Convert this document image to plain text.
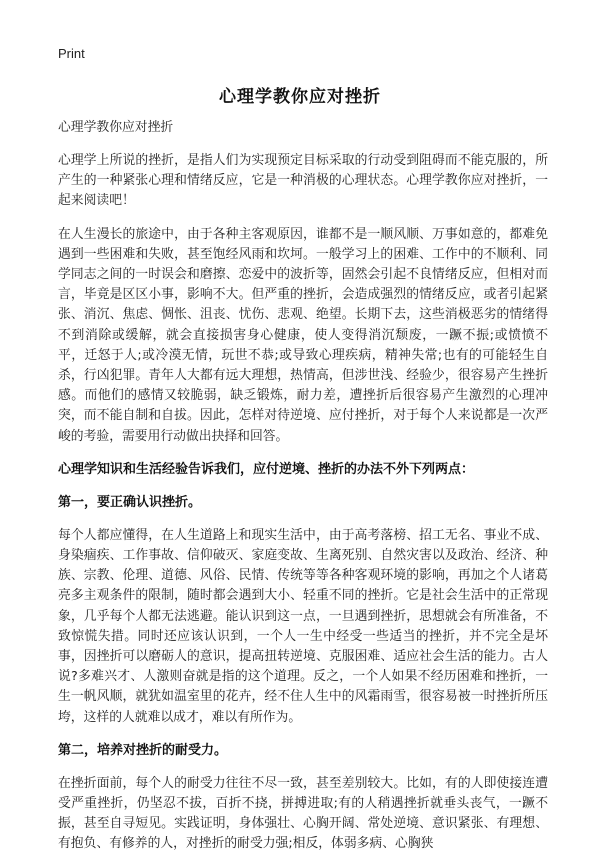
Print
心理学教你应对挫折

心理学教你应对挫折

心理学上所说的挫折，是指人们为实现预定目标采取的行动受到阻碍而不能克服的，所产生的一种紧张心理和情绪反应，它是一种消极的心理状态。心理学教你应对挫折，一起来阅读吧！

在人生漫长的旅途中，由于各种主客观原因，谁都不是一顺风顺、万事如意的，都难免遇到一些困难和失败，甚至饱经风雨和坎坷。一般学习上的困难、工作中的不顺利、同学同志之间的一时误会和磨擦、恋爱中的波折等，固然会引起不良情绪反应，但相对而言，毕竟是区区小事，影响不大。但严重的挫折，会造成强烈的情绪反应，或者引起紧张、消沉、焦虑、惆怅、沮丧、忧伤、悲观、绝望。长期下去，这些消极恶劣的情绪得不到消除或缓解，就会直接损害身心健康，使人变得消沉颓废，一蹶不振;或愤愤不平，迁怒于人;或冷漠无情，玩世不恭;或导致心理疾病，精神失常;也有的可能轻生自杀，行凶犯罪。青年人大都有远大理想，热情高，但涉世浅、经验少，很容易产生挫折感。而他们的感情又较脆弱，缺乏锻炼，耐力差，遭挫折后很容易产生激烈的心理冲突，而不能自制和自拔。因此，怎样对待逆境、应付挫折，对于每个人来说都是一次严峻的考验，需要用行动做出抉择和回答。

心理学知识和生活经验告诉我们，应付逆境、挫折的办法不外下列两点：

第一，要正确认识挫折。

每个人都应懂得，在人生道路上和现实生活中，由于高考落榜、招工无名、事业不成、身染痼疾、工作事故、信仰破灭、家庭变故、生离死别、自然灾害以及政治、经济、种族、宗教、伦理、道德、风俗、民情、传统等等各种客观环境的影响，再加之个人诸葛亮多主观条件的限制，随时都会遇到大小、轻重不同的挫折。它是社会生活中的正常现象，几乎每个人都无法逃避。能认识到这一点，一旦遇到挫折，思想就会有所准备，不致惊慌失措。同时还应该认识到，一个人一生中经受一些适当的挫折，并不完全是坏事，因挫折可以磨砺人的意识，提高扭转逆境、克服困难、适应社会生活的能力。古人说?多难兴才、人激则奋就是指的这个道理。反之，一个人如果不经历困难和挫折，一生一帆风顺，就犹如温室里的花卉，经不住人生中的风霜雨雪，很容易被一时挫折所压垮，这样的人就难以成才，难以有所作为。

第二，培养对挫折的耐受力。

在挫折面前，每个人的耐受力往往不尽一致，甚至差别较大。比如，有的人即使接连遭受严重挫折，仍坚忍不拔，百折不挠，拼搏进取;有的人稍遇挫折就垂头丧气，一蹶不振，甚至自寻短见。实践证明，身体强壮、心胸开阔、常处逆境、意识紧张、有理想、有抱负、有修养的人，对挫折的耐受力强;相反，体弱多病、心胸狭
